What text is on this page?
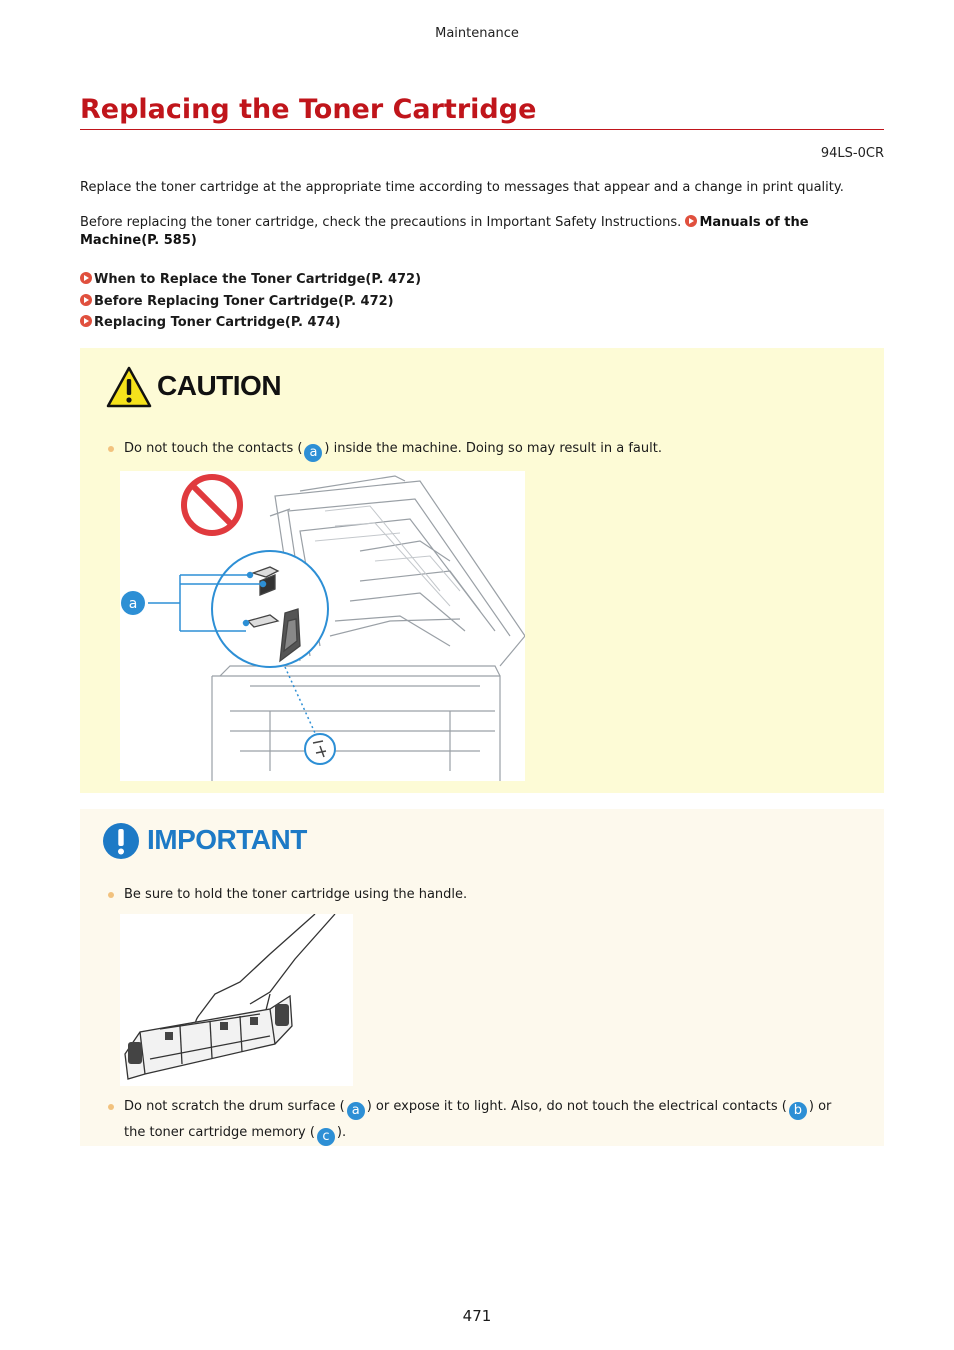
Maintenance
Replacing the Toner Cartridge
94LS-0CR

Replace the toner cartridge at the appropriate time according to messages that appear and a change in print quality.

Before replacing the toner cartridge, check the precautions in Important Safety Instructions. Manuals of the Machine(P. 585)

When to Replace the Toner Cartridge(P. 472)
Before Replacing Toner Cartridge(P. 472)
Replacing Toner Cartridge(P. 474)
CAUTION
Do not touch the contacts ( a ) inside the machine. Doing so may result in a fault.
a
IMPORTANT
Be sure to hold the toner cartridge using the handle.
Do not scratch the drum surface ( a ) or expose it to light. Also, do not touch the electrical contacts ( b ) or
the toner cartridge memory ( c ).
471
